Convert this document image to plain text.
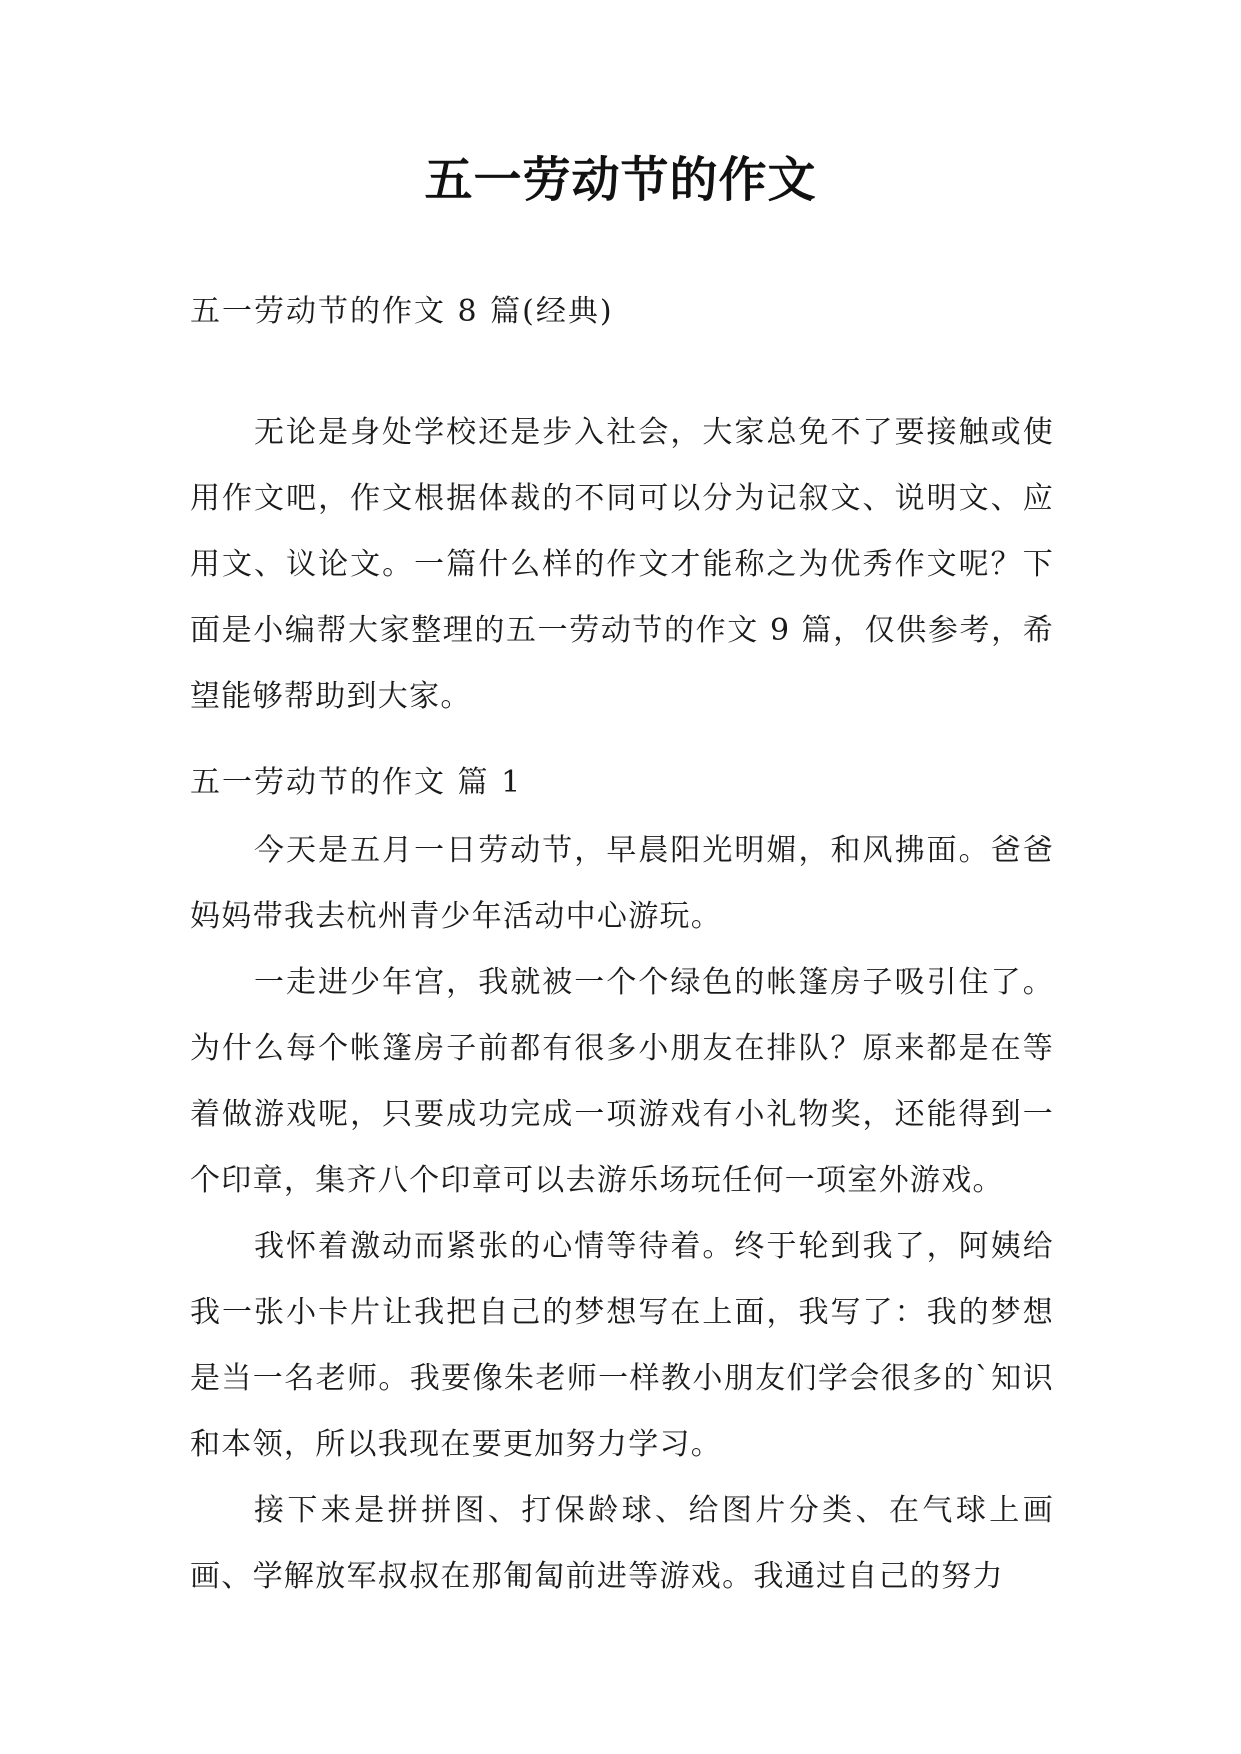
五一劳动节的作文
五一劳动节的作文 8 篇(经典)

无论是身处学校还是步入社会，大家总免不了要接触或使用作文吧，作文根据体裁的不同可以分为记叙文、说明文、应用文、议论文。一篇什么样的作文才能称之为优秀作文呢？下面是小编帮大家整理的五一劳动节的作文 9 篇，仅供参考，希望能够帮助到大家。

五一劳动节的作文 篇 1

今天是五月一日劳动节，早晨阳光明媚，和风拂面。爸爸妈妈带我去杭州青少年活动中心游玩。

一走进少年宫，我就被一个个绿色的帐篷房子吸引住了。为什么每个帐篷房子前都有很多小朋友在排队？原来都是在等着做游戏呢，只要成功完成一项游戏有小礼物奖，还能得到一个印章，集齐八个印章可以去游乐场玩任何一项室外游戏。

我怀着激动而紧张的心情等待着。终于轮到我了，阿姨给我一张小卡片让我把自己的梦想写在上面，我写了：我的梦想是当一名老师。我要像朱老师一样教小朋友们学会很多的`知识和本领，所以我现在要更加努力学习。

接下来是拼拼图、打保龄球、给图片分类、在气球上画画、学解放军叔叔在那匍匐前进等游戏。我通过自己的努力
